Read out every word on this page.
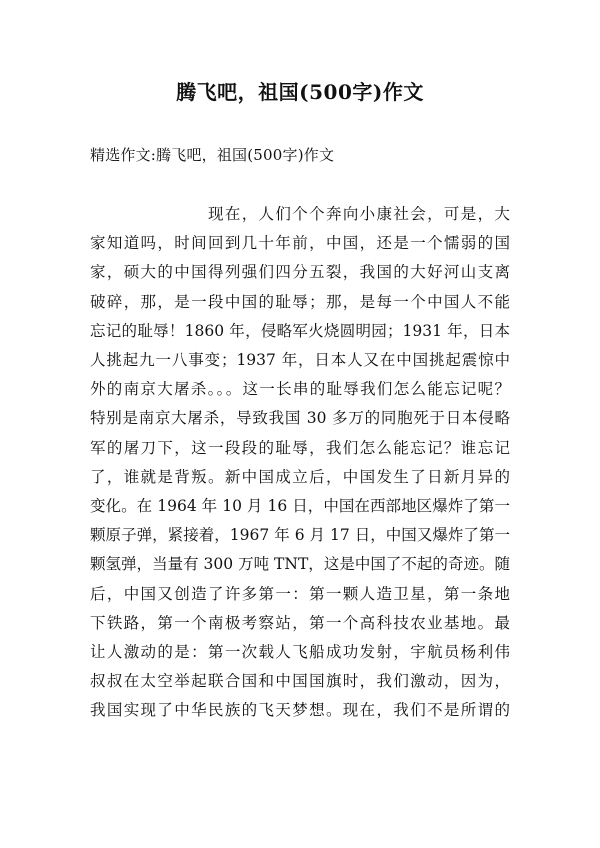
腾飞吧，祖国(500字)作文
精选作文:腾飞吧，祖国(500字)作文
现在，人们个个奔向小康社会，可是，大
家知道吗，时间回到几十年前，中国，还是一个懦弱的国
家，硕大的中国得列强们四分五裂，我国的大好河山支离
破碎，那，是一段中国的耻辱；那，是每一个中国人不能
忘记的耻辱！1860 年，侵略军火烧圆明园；1931 年，日本
人挑起九一八事变；1937 年，日本人又在中国挑起震惊中
外的南京大屠杀。。。这一长串的耻辱我们怎么能忘记呢？
特别是南京大屠杀，导致我国 30 多万的同胞死于日本侵略
军的屠刀下，这一段段的耻辱，我们怎么能忘记？谁忘记
了，谁就是背叛。新中国成立后，中国发生了日新月异的
变化。在 1964 年 10 月 16 日，中国在西部地区爆炸了第一
颗原子弹，紧接着，1967 年 6 月 17 日，中国又爆炸了第一
颗氢弹，当量有 300 万吨 TNT，这是中国了不起的奇迹。随
后，中国又创造了许多第一：第一颗人造卫星，第一条地
下铁路，第一个南极考察站，第一个高科技农业基地。最
让人激动的是：第一次载人飞船成功发射，宇航员杨利伟
叔叔在太空举起联合国和中国国旗时，我们激动，因为，
我国实现了中华民族的飞天梦想。现在，我们不是所谓的
